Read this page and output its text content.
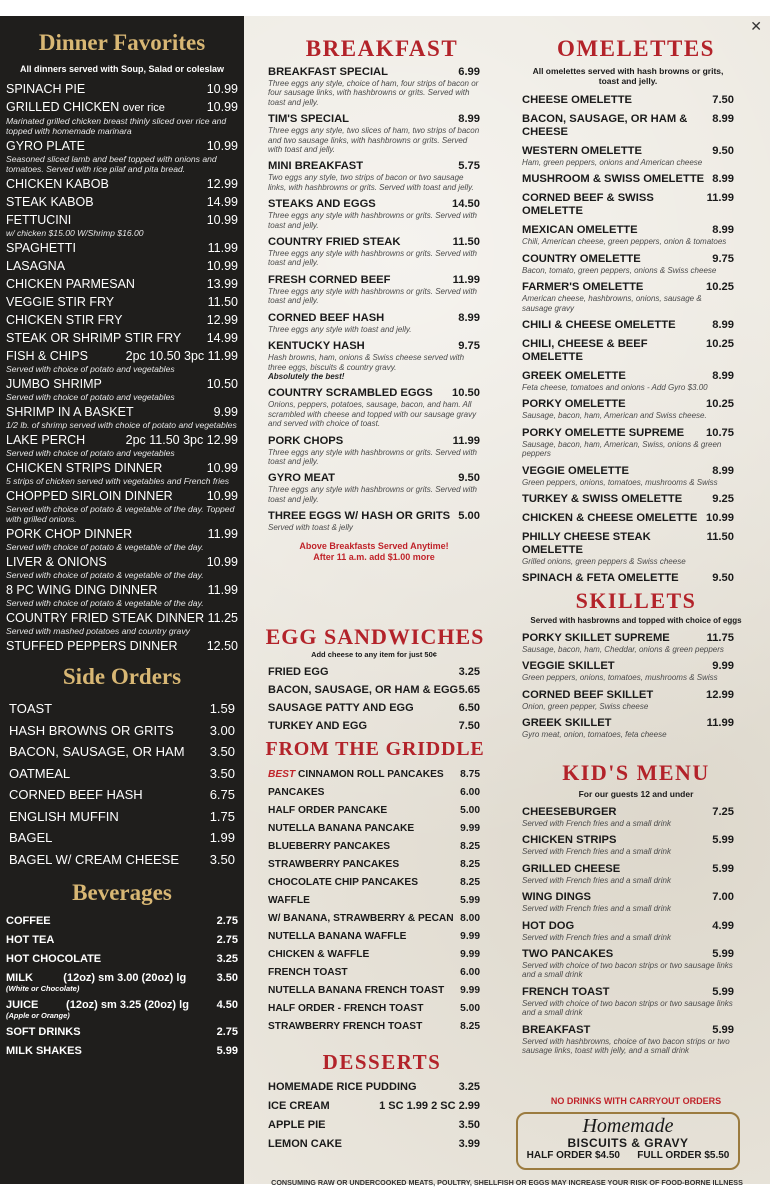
Dinner Favorites
All dinners served with Soup, Salad or coleslaw
SPINACH PIE	10.99
GRILLED CHICKEN over rice	10.99
Marinated grilled chicken breast thinly sliced over rice and topped with homemade marinara
GYRO PLATE	10.99
Seasoned sliced lamb and beef topped with onions and tomatoes. Served with rice pilaf and pita bread.
CHICKEN KABOB	12.99
STEAK KABOB	14.99
FETTUCINI	10.99
w/ chicken $15.00 W/Shrimp $16.00
SPAGHETTI	11.99
LASAGNA	10.99
CHICKEN PARMESAN	13.99
VEGGIE STIR FRY	11.50
CHICKEN STIR FRY	12.99
STEAK OR SHRIMP STIR FRY 14.99
FISH & CHIPS	2pc 10.50 3pc 11.99
Served with choice of potato and vegetables
JUMBO SHRIMP	10.50
Served with choice of potato and vegetables
SHRIMP IN A BASKET	9.99
1/2 lb. of shrimp served with choice of potato and vegetables
LAKE PERCH	2pc 11.50 3pc 12.99
Served with choice of potato and vegetables
CHICKEN STRIPS DINNER	10.99
5 strips of chicken served with vegetables and French fries
CHOPPED SIRLOIN DINNER	10.99
Served with choice of potato & vegetable of the day. Topped with grilled onions.
PORK CHOP DINNER	11.99
Served with choice of potato & vegetable of the day.
LIVER & ONIONS	10.99
Served with choice of potato & vegetable of the day.
8 PC WING DING DINNER	11.99
Served with choice of potato & vegetable of the day.
COUNTRY FRIED STEAK DINNER 11.25
Served with mashed potatoes and country gravy
STUFFED PEPPERS DINNER 12.50
Side Orders
TOAST	1.59
HASH BROWNS OR GRITS	3.00
BACON, SAUSAGE, OR HAM 3.50
OATMEAL	3.50
CORNED BEEF HASH	6.75
ENGLISH MUFFIN	1.75
BAGEL	1.99
BAGEL W/ CREAM CHEESE 3.50
Beverages
COFFEE	2.75
HOT TEA	2.75
HOT CHOCOLATE	3.25
MILK	(12oz) sm 3.00 (20oz) lg	3.50
(White or Chocolate)
JUICE	(12oz) sm 3.25 (20oz) lg	4.50
(Apple or Orange)
SOFT DRINKS	2.75
MILK SHAKES	5.99
✕
BREAKFAST
BREAKFAST SPECIAL	6.99
Three eggs any style, choice of ham, four strips of bacon or four sausage links, with hashbrowns or grits. Served with toast and jelly.
TIM'S SPECIAL	8.99
Three eggs any style, two slices of ham, two strips of bacon and two sausage links, with hashbrowns or grits. Served with toast and jelly.
MINI BREAKFAST	5.75
Two eggs any style, two strips of bacon or two sausage links, with hashbrowns or grits. Served with toast and jelly.
STEAKS AND EGGS	14.50
Three eggs any style with hashbrowns or grits. Served with toast and jelly.
COUNTRY FRIED STEAK	11.50
Three eggs any style with hashbrowns or grits. Served with toast and jelly.
FRESH CORNED BEEF	11.99
Three eggs any style with hashbrowns or grits. Served with toast and jelly.
CORNED BEEF HASH	8.99
Three eggs any style with toast and jelly.
KENTUCKY HASH	9.75
Hash browns, ham, onions & Swiss cheese served with three eggs, biscuits & country gravy.
Absolutely the best!
COUNTRY SCRAMBLED EGGS 10.50
Onions, peppers, potatoes, sausage, bacon, and ham. All scrambled with cheese and topped with our sausage gravy and served with choice of toast.
PORK CHOPS	11.99
Three eggs any style with hashbrowns or grits. Served with toast and jelly.
GYRO MEAT	9.50
Three eggs any style with hashbrowns or grits. Served with toast and jelly.
THREE EGGS W/ HASH OR GRITS 5.00
Served with toast & jelly
Above Breakfasts Served Anytime!
After 11 a.m. add $1.00 more
EGG SANDWICHES
Add cheese to any item for just 50¢
FRIED EGG	3.25
BACON, SAUSAGE, OR HAM & EGG 5.65
SAUSAGE PATTY AND EGG	6.50
TURKEY AND EGG	7.50
FROM THE GRIDDLE
BEST CINNAMON ROLL PANCAKES 8.75
PANCAKES	6.00
HALF ORDER PANCAKE	5.00
NUTELLA BANANA PANCAKE	9.99
BLUEBERRY PANCAKES	8.25
STRAWBERRY PANCAKES	8.25
CHOCOLATE CHIP PANCAKES	8.25
WAFFLE	5.99
W/ BANANA, STRAWBERRY & PECAN 8.00
NUTELLA BANANA WAFFLE	9.99
CHICKEN & WAFFLE	9.99
FRENCH TOAST	6.00
NUTELLA BANANA FRENCH TOAST 9.99
HALF ORDER - FRENCH TOAST	5.00
STRAWBERRY FRENCH TOAST	8.25
DESSERTS
HOMEMADE RICE PUDDING	3.25
ICE CREAM	1 SC 1.99 2 SC 2.99
APPLE PIE	3.50
LEMON CAKE	3.99
OMELETTES
All omelettes served with hash browns or grits, toast and jelly.
CHEESE OMELETTE	7.50
BACON, SAUSAGE, OR HAM & CHEESE
8.99
WESTERN OMELETTE	9.50
Ham, green peppers, onions and American cheese
MUSHROOM & SWISS OMELETTE 8.99
CORNED BEEF & SWISS OMELETTE
11.99
MEXICAN OMELETTE	8.99
Chili, American cheese, green peppers, onion & tomatoes
COUNTRY OMELETTE	9.75
Bacon, tomato, green peppers, onions & Swiss cheese
FARMER'S OMELETTE	10.25
American cheese, hashbrowns, onions, sausage & sausage gravy
CHILI & CHEESE OMELETTE	8.99
CHILI, CHEESE & BEEF OMELETTE
10.25
GREEK OMELETTE	8.99
Feta cheese, tomatoes and onions - Add Gyro $3.00
PORKY OMELETTE	10.25
Sausage, bacon, ham, American and Swiss cheese.
PORKY OMELETTE SUPREME 10.75
Sausage, bacon, ham, American, Swiss, onions & green peppers
VEGGIE OMELETTE	8.99
Green peppers, onions, tomatoes, mushrooms & Swiss
TURKEY & SWISS OMELETTE	9.25
CHICKEN & CHEESE OMELETTE 10.99
PHILLY CHEESE STEAK OMELETTE
11.50
Grilled onions, green peppers & Swiss cheese
SPINACH & FETA OMELETTE	9.50
SKILLETS
Served with hasbrowns and topped with choice of eggs
PORKY SKILLET SUPREME	11.75
Sausage, bacon, ham, Cheddar, onions & green peppers
VEGGIE SKILLET	9.99
Green peppers, onions, tomatoes, mushrooms & Swiss
CORNED BEEF SKILLET	12.99
Onion, green pepper, Swiss cheese
GREEK SKILLET	11.99
Gyro meat, onion, tomatoes, feta cheese
KID'S MENU
For our guests 12 and under
CHEESEBURGER	7.25
Served with French fries and a small drink
CHICKEN STRIPS	5.99
Served with French fries and a small drink
GRILLED CHEESE	5.99
Served with French fries and a small drink
WING DINGS	7.00
Served with French fries and a small drink
HOT DOG	4.99
Served with French fries and a small drink
TWO PANCAKES	5.99
Served with choice of two bacon strips or two sausage links and a small drink
FRENCH TOAST	5.99
Served with choice of two bacon strips or two sausage links and a small drink
BREAKFAST	5.99
Served with hashbrowns, choice of two bacon strips or two sausage links, toast with jelly, and a small drink
NO DRINKS WITH CARRYOUT ORDERS
Homemade
BISCUITS & GRAVY
HALF ORDER $4.50 FULL ORDER $5.50
CONSUMING RAW OR UNDERCOOKED MEATS, POULTRY, SHELLFISH OR EGGS MAY INCREASE YOUR RISK OF FOOD-BORNE ILLNESS
